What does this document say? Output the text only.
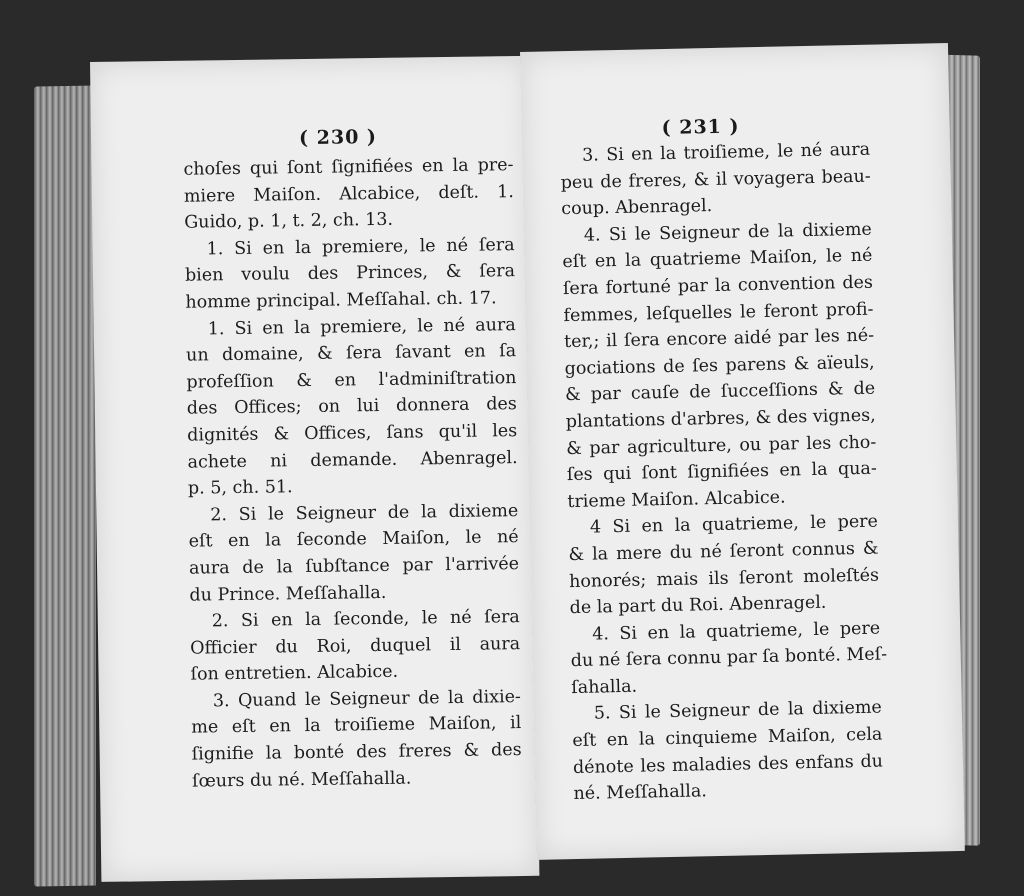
( 230 )
choſes qui ſont ſignifiées en la pre-
miere Maiſon. Alcabice, deſt. 1.
Guido, p. 1, t. 2, ch. 13.
1. Si en la premiere, le né ſera
bien voulu des Princes, & ſera
homme principal. Meſſahal. ch. 17.
1. Si en la premiere, le né aura
un domaine, & ſera ſavant en ſa
profeſſion & en l'adminiſtration
des Offices; on lui donnera des
dignités & Offices, ſans qu'il les
achete ni demande. Abenragel.
p. 5, ch. 51.
2. Si le Seigneur de la dixieme
eſt en la ſeconde Maiſon, le né
aura de la ſubſtance par l'arrivée
du Prince. Meſſahalla.
2. Si en la ſeconde, le né ſera
Officier du Roi, duquel il aura
ſon entretien. Alcabice.
3. Quand le Seigneur de la dixie-
me eſt en la troiſieme Maiſon, il
ſignifie la bonté des freres & des
ſœurs du né. Meſſahalla.
( 231 )
3. Si en la troiſieme, le né aura
peu de freres, & il voyagera beau-
coup. Abenragel.
4. Si le Seigneur de la dixieme
eſt en la quatrieme Maiſon, le né
ſera fortuné par la convention des
femmes, leſquelles le feront profi-
ter,; il ſera encore aidé par les né-
gociations de ſes parens & aïeuls,
& par cauſe de ſucceſſions & de
plantations d'arbres, & des vignes,
& par agriculture, ou par les cho-
ſes qui ſont ſignifiées en la qua-
trieme Maiſon. Alcabice.
4 Si en la quatrieme, le pere
& la mere du né ſeront connus &
honorés; mais ils ſeront moleſtés
de la part du Roi. Abenragel.
4. Si en la quatrieme, le pere
du né ſera connu par ſa bonté. Meſ-
ſahalla.
5. Si le Seigneur de la dixieme
eſt en la cinquieme Maiſon, cela
dénote les maladies des enfans du
né. Meſſahalla.
